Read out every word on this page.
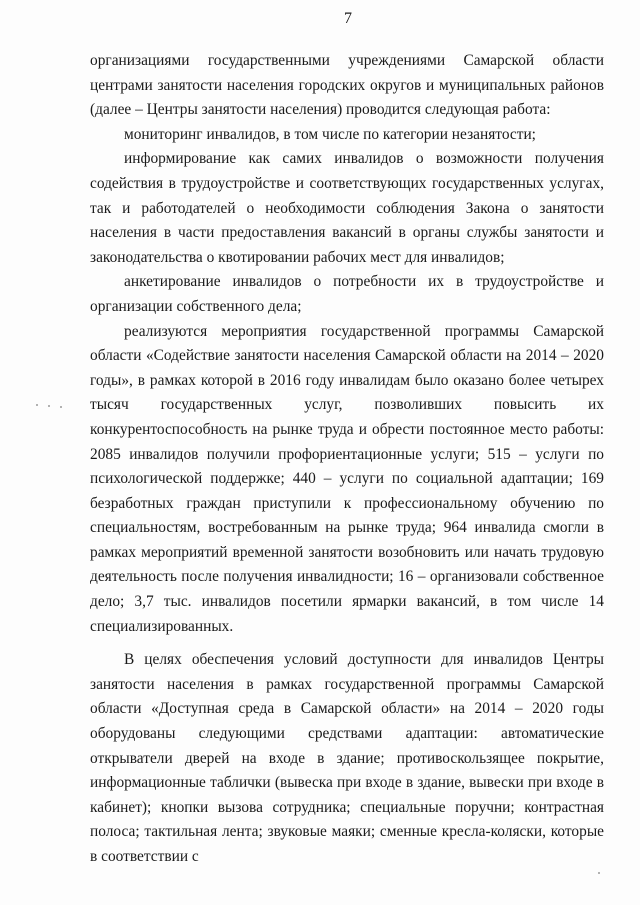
7

организациями государственными учреждениями Самарской области центрами занятости населения городских округов и муниципальных районов (далее – Центры занятости населения) проводится следующая работа:

мониторинг инвалидов, в том числе по категории незанятости;

информирование как самих инвалидов о возможности получения содействия в трудоустройстве и соответствующих государственных услугах, так и работодателей о необходимости соблюдения Закона о занятости населения в части предоставления вакансий в органы службы занятости и законодательства о квотировании рабочих мест для инвалидов;

анкетирование инвалидов о потребности их в трудоустройстве и организации собственного дела;

реализуются мероприятия государственной программы Самарской области «Содействие занятости населения Самарской области на 2014 – 2020 годы», в рамках которой в 2016 году инвалидам было оказано более четырех тысяч государственных услуг, позволивших повысить их конкурентоспособность на рынке труда и обрести постоянное место работы: 2085 инвалидов получили профориентационные услуги; 515 – услуги по психологической поддержке; 440 – услуги по социальной адаптации; 169 безработных граждан приступили к профессиональному обучению по специальностям, востребованным на рынке труда; 964 инвалида смогли в рамках мероприятий временной занятости возобновить или начать трудовую деятельность после получения инвалидности; 16 – организовали собственное дело; 3,7 тыс. инвалидов посетили ярмарки вакансий, в том числе 14 специализированных.

В целях обеспечения условий доступности для инвалидов Центры занятости населения в рамках государственной программы Самарской области «Доступная среда в Самарской области» на 2014 – 2020 годы оборудованы следующими средствами адаптации: автоматические открыватели дверей на входе в здание; противоскользящее покрытие, информационные таблички (вывеска при входе в здание, вывески при входе в кабинет); кнопки вызова сотрудника; специальные поручни; контрастная полоса; тактильная лента; звуковые маяки; сменные кресла-коляски, которые в соответствии с
